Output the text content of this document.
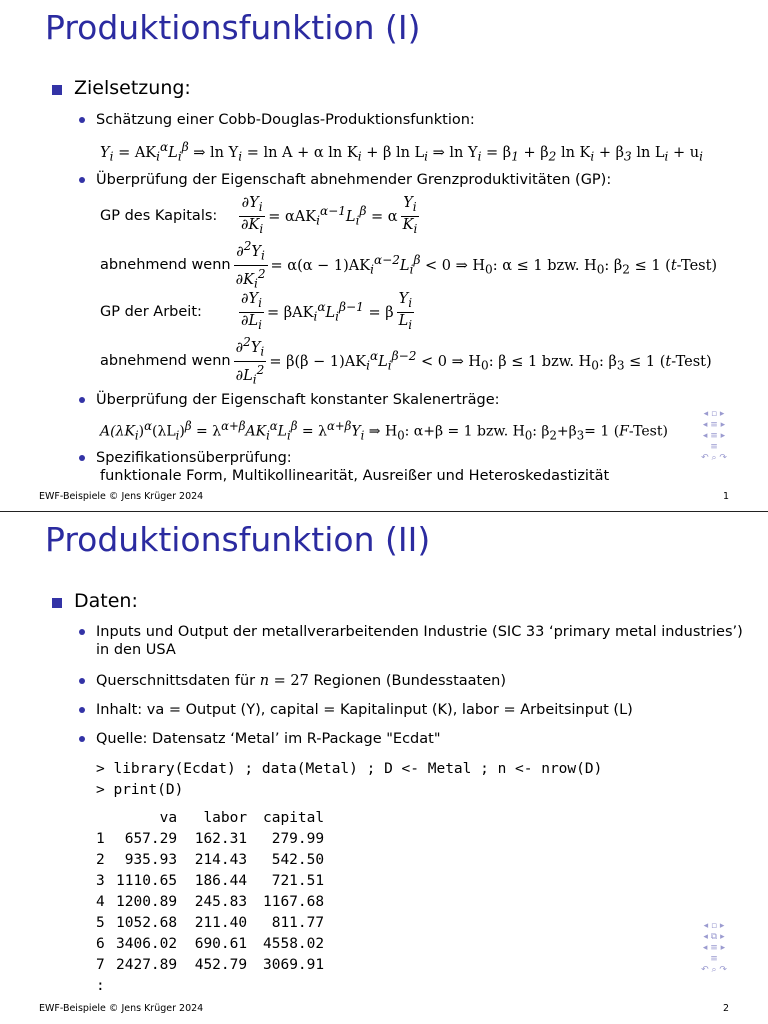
Produktionsfunktion (I)
Zielsetzung:
Schätzung einer Cobb-Douglas-Produktionsfunktion:
$Y_i = AK_i^\alpha L_i^\beta$ ⇒ $\ln Y_i = \ln A + \alpha$ $\ln K_i + \beta$ $\ln L_i$ ⇒ $\ln Y_i = \beta_1 + \beta_2$ $\ln K_i + \beta_3$ $\ln L_i + u_i$
Überprüfung der Eigenschaft abnehmender Grenzproduktivitäten (GP):
GP des Kapitals:	$\frac{\partial Y_i}{\partial K_i} = \alpha AK_i^{\alpha-1}L_i^\beta = \alpha \frac{Y_i}{K_i}$
abnehmend wenn $\frac{\partial^2Y_i}{\partial K_i^2} = \alpha(\alpha - 1)AK_i^{\alpha-2}L_i^\beta < 0$ ⇒ $H_0$: α ≤ 1 bzw. $H_0$: $\beta_2 \le 1$ (t-Test)
GP der Arbeit:	$\frac{\partial Y_i}{\partial L_i} = \beta AK_i^\alpha L_i^{\beta-1} = \beta \frac{Y_i}{L_i}$
abnehmend wenn $\frac{\partial^2Y_i}{\partial L_i^2} = \beta(\beta - 1)AK_i^\alpha L_i^{\beta-2} < 0$ ⇒ $H_0$: β ≤ 1 bzw. $H_0$: $\beta_3 \le 1$ (t-Test)
Überprüfung der Eigenschaft konstanter Skalenerträge:
$A(\lambda K_i)^\alpha(\lambda L_i)^\beta = \lambda^{\alpha+\beta}AK_i^\alpha L_i^\beta = \lambda^{\alpha+\beta}Y_i$ ⇒ $H_0$: α+β = 1 bzw. $H_0$: $\beta_2+\beta_3= 1$ (F-Test)
Spezifikationsüberprüfung:
funktionale Form, Multikollinearität, Ausreißer und Heteroskedastizität
◂ ▫ ▸
◂ ≡ ▸
◂ ≡ ▸
≡
↶ ⌕ ↷
EWF-Beispiele © Jens Krüger 2024	1
Produktionsfunktion (II)
Daten:
Inputs und Output der metallverarbeitenden Industrie (SIC 33 ‘primary metal industries’)
in den USA
Querschnittsdaten für n = 27 Regionen (Bundesstaaten)
Inhalt: va = Output (Y), capital = Kapitalinput (K), labor = Arbeitsinput (L)
Quelle: Datensatz ‘Metal’ im R-Package "Ecdat"
> library(Ecdat) ; data(Metal) ; D <- Metal ; n <- nrow(D)
> print(D)
	va	labor	capital
1	657.29	162.31	279.99
2	935.93	214.43	542.50
3	1110.65	186.44	721.51
4	1200.89	245.83	1167.68
5	1052.68	211.40	811.77
6	3406.02	690.61	4558.02
7	2427.89	452.79	3069.91
:			
◂ ▫ ▸
◂ ⧉ ▸
◂ ≡ ▸
≡
↶ ⌕ ↷
EWF-Beispiele © Jens Krüger 2024	2
